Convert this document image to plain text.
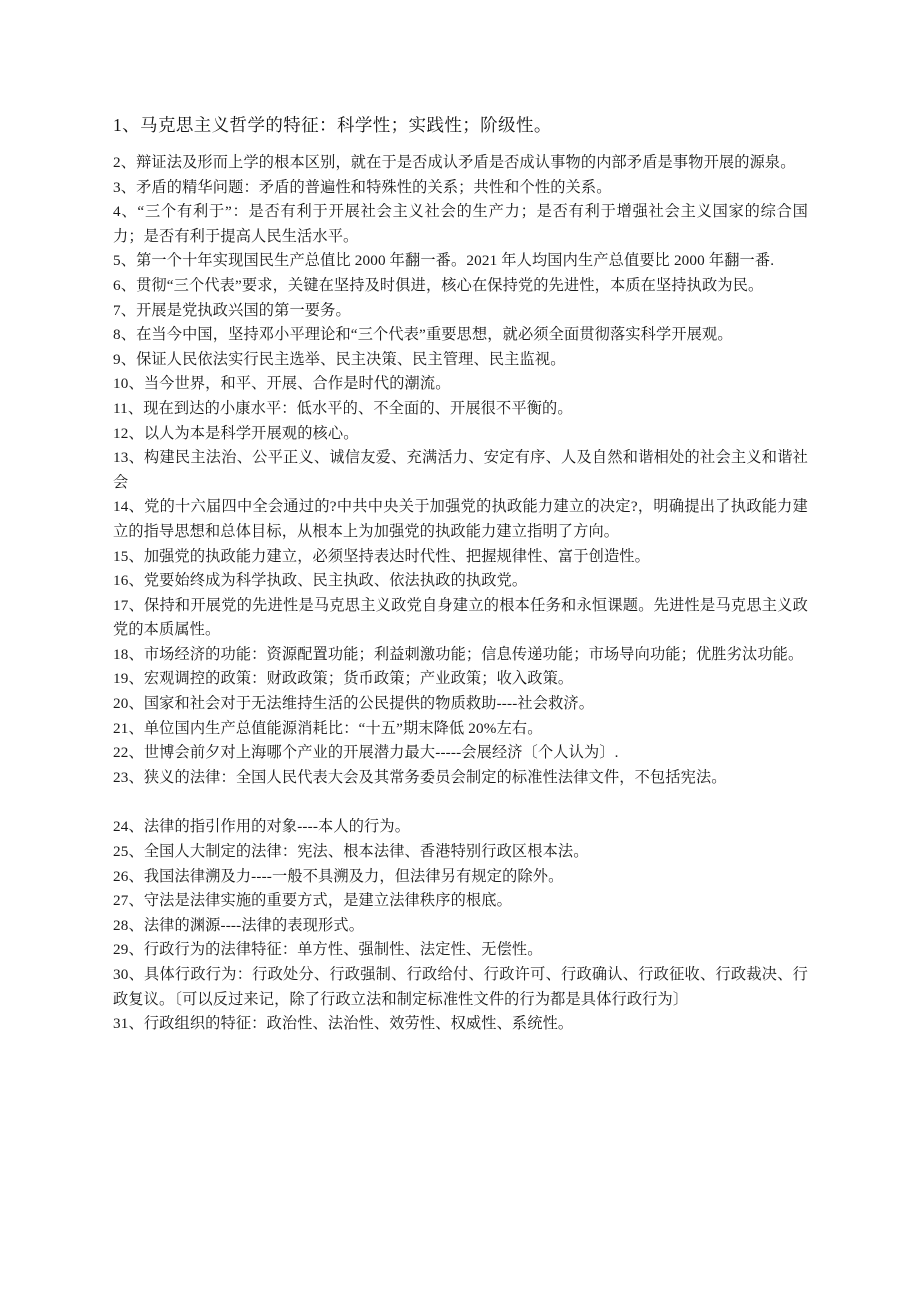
1、马克思主义哲学的特征：科学性；实践性；阶级性。

2、辩证法及形而上学的根本区别，就在于是否成认矛盾是否成认事物的内部矛盾是事物开展的源泉。

3、矛盾的精华问题：矛盾的普遍性和特殊性的关系；共性和个性的关系。

4、“三个有利于”：是否有利于开展社会主义社会的生产力；是否有利于增强社会主义国家的综合国力；是否有利于提高人民生活水平。

5、第一个十年实现国民生产总值比 2000 年翻一番。2021 年人均国内生产总值要比 2000 年翻一番.

6、贯彻“三个代表”要求，关键在坚持及时俱进，核心在保持党的先进性，本质在坚持执政为民。

7、开展是党执政兴国的第一要务。

8、在当今中国，坚持邓小平理论和“三个代表”重要思想，就必须全面贯彻落实科学开展观。

9、保证人民依法实行民主选举、民主决策、民主管理、民主监视。

10、当今世界，和平、开展、合作是时代的潮流。

11、现在到达的小康水平：低水平的、不全面的、开展很不平衡的。

12、以人为本是科学开展观的核心。

13、构建民主法治、公平正义、诚信友爱、充满活力、安定有序、人及自然和谐相处的社会主义和谐社会

14、党的十六届四中全会通过的?中共中央关于加强党的执政能力建立的决定?，明确提出了执政能力建立的指导思想和总体目标，从根本上为加强党的执政能力建立指明了方向。

15、加强党的执政能力建立，必须坚持表达时代性、把握规律性、富于创造性。

16、党要始终成为科学执政、民主执政、依法执政的执政党。

17、保持和开展党的先进性是马克思主义政党自身建立的根本任务和永恒课题。先进性是马克思主义政党的本质属性。

18、市场经济的功能：资源配置功能；利益刺激功能；信息传递功能；市场导向功能；优胜劣汰功能。

19、宏观调控的政策：财政政策；货币政策；产业政策；收入政策。

20、国家和社会对于无法维持生活的公民提供的物质救助----社会救济。

21、单位国内生产总值能源消耗比：“十五”期末降低 20%左右。

22、世博会前夕对上海哪个产业的开展潜力最大-----会展经济〔个人认为〕.

23、狭义的法律：全国人民代表大会及其常务委员会制定的标准性法律文件，不包括宪法。

24、法律的指引作用的对象----本人的行为。

25、全国人大制定的法律：宪法、根本法律、香港特别行政区根本法。

26、我国法律溯及力----一般不具溯及力，但法律另有规定的除外。

27、守法是法律实施的重要方式，是建立法律秩序的根底。

28、法律的渊源----法律的表现形式。

29、行政行为的法律特征：单方性、强制性、法定性、无偿性。

30、具体行政行为：行政处分、行政强制、行政给付、行政许可、行政确认、行政征收、行政裁决、行政复议。〔可以反过来记，除了行政立法和制定标准性文件的行为都是具体行政行为〕

31、行政组织的特征：政治性、法治性、效劳性、权威性、系统性。
